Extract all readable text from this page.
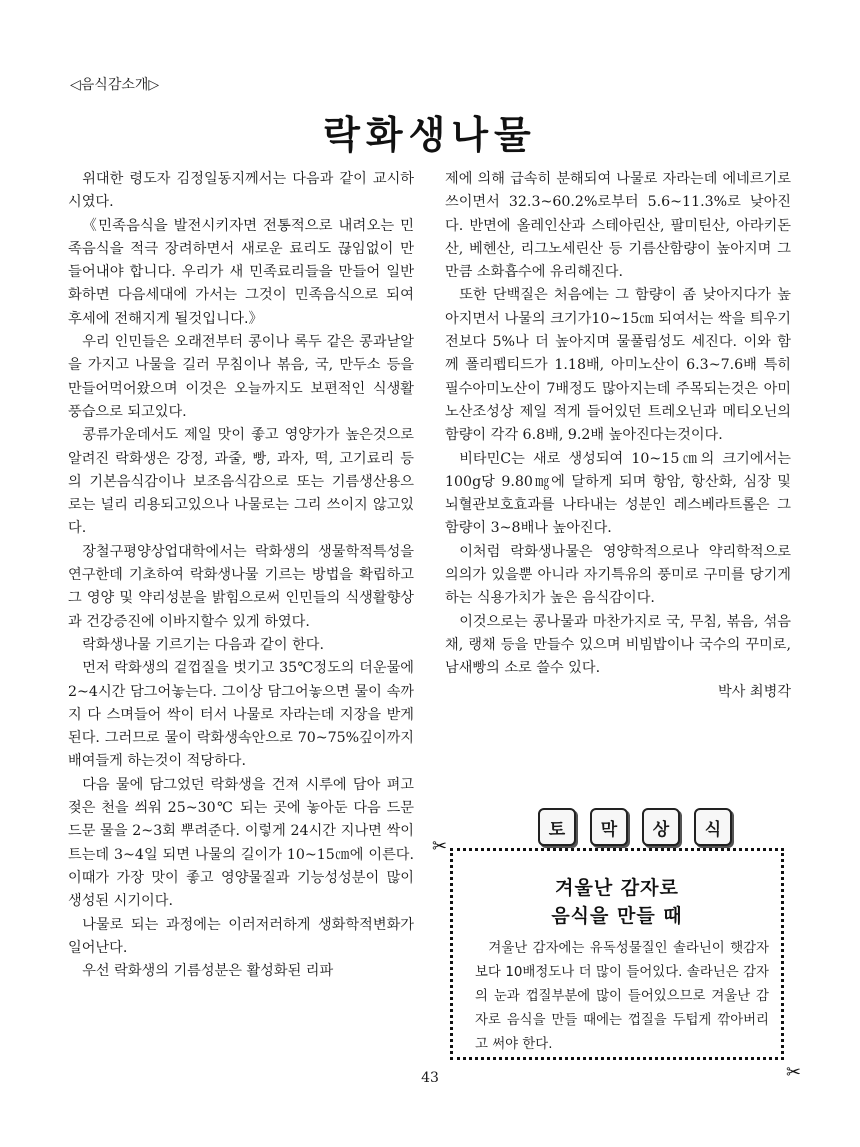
◁음식감소개▷
락화생나물

위대한 령도자 김정일동지께서는 다음과 같이 교시하시였다.

《민족음식을 발전시키자면 전통적으로 내려오는 민족음식을 적극 장려하면서 새로운 료리도 끊임없이 만들어내야 합니다. 우리가 새 민족료리들을 만들어 일반화하면 다음세대에 가서는 그것이 민족음식으로 되여 후세에 전해지게 될것입니다.》

우리 인민들은 오래전부터 콩이나 록두 같은 콩과낟알을 가지고 나물을 길러 무침이나 볶음, 국, 만두소 등을 만들어먹어왔으며 이것은 오늘까지도 보편적인 식생활풍습으로 되고있다.

콩류가운데서도 제일 맛이 좋고 영양가가 높은것으로 알려진 락화생은 강정, 과줄, 빵, 과자, 떡, 고기료리 등의 기본음식감이나 보조음식감으로 또는 기름생산용으로는 널리 리용되고있으나 나물로는 그리 쓰이지 않고있다.

장철구평양상업대학에서는 락화생의 생물학적특성을 연구한데 기초하여 락화생나물 기르는 방법을 확립하고 그 영양 및 약리성분을 밝힘으로써 인민들의 식생활향상과 건강증진에 이바지할수 있게 하였다.

락화생나물 기르기는 다음과 같이 한다.

먼저 락화생의 겉껍질을 벗기고 35℃정도의 더운물에 2~4시간 담그어놓는다. 그이상 담그어놓으면 물이 속까지 다 스며들어 싹이 터서 나물로 자라는데 지장을 받게 된다. 그러므로 물이 락화생속안으로 70~75%깊이까지 배여들게 하는것이 적당하다.

다음 물에 담그었던 락화생을 건져 시루에 담아 펴고 젖은 천을 씌워 25~30℃ 되는 곳에 놓아둔 다음 드문드문 물을 2~3회 뿌려준다. 이렇게 24시간 지나면 싹이 트는데 3~4일 되면 나물의 길이가 10~15㎝에 이른다. 이때가 가장 맛이 좋고 영양물질과 기능성성분이 많이 생성된 시기이다.

나물로 되는 과정에는 이러저러하게 생화학적변화가 일어난다.

우선 락화생의 기름성분은 활성화된 리파

제에 의해 급속히 분해되여 나물로 자라는데 에네르기로 쓰이면서 32.3~60.2%로부터 5.6~11.3%로 낮아진다. 반면에 올레인산과 스테아린산, 팔미틴산, 아라키돈산, 베헨산, 리그노세린산 등 기름산함량이 높아지며 그만큼 소화흡수에 유리해진다.

또한 단백질은 처음에는 그 함량이 좀 낮아지다가 높아지면서 나물의 크기가10~15㎝ 되여서는 싹을 틔우기 전보다 5%나 더 높아지며 물풀림성도 세진다. 이와 함께 폴리펩티드가 1.18배, 아미노산이 6.3~7.6배 특히 필수아미노산이 7배정도 많아지는데 주목되는것은 아미노산조성상 제일 적게 들어있던 트레오닌과 메티오닌의 함량이 각각 6.8배, 9.2배 높아진다는것이다.

비타민C는 새로 생성되여 10~15㎝의 크기에서는 100g당 9.80㎎에 달하게 되며 항암, 항산화, 심장 및 뇌혈관보호효과를 나타내는 성분인 레스베라트롤은 그 함량이 3~8배나 높아진다.

이처럼 락화생나물은 영양학적으로나 약리학적으로 의의가 있을뿐 아니라 자기특유의 풍미로 구미를 당기게 하는 식용가치가 높은 음식감이다.

이것으로는 콩나물과 마찬가지로 국, 무침, 볶음, 섞음채, 랭채 등을 만들수 있으며 비빔밥이나 국수의 꾸미로, 남새빵의 소로 쓸수 있다.

박사 최병각

토	막	상	식
✂
겨울난 감자로
음식을 만들 때

겨울난 감자에는 유독성물질인 솔라닌이 햇감자보다 10배정도나 더 많이 들어있다. 솔라닌은 감자의 눈과 껍질부분에 많이 들어있으므로 겨울난 감자로 음식을 만들 때에는 껍질을 두텁게 깎아버리고 써야 한다.

✂
43
